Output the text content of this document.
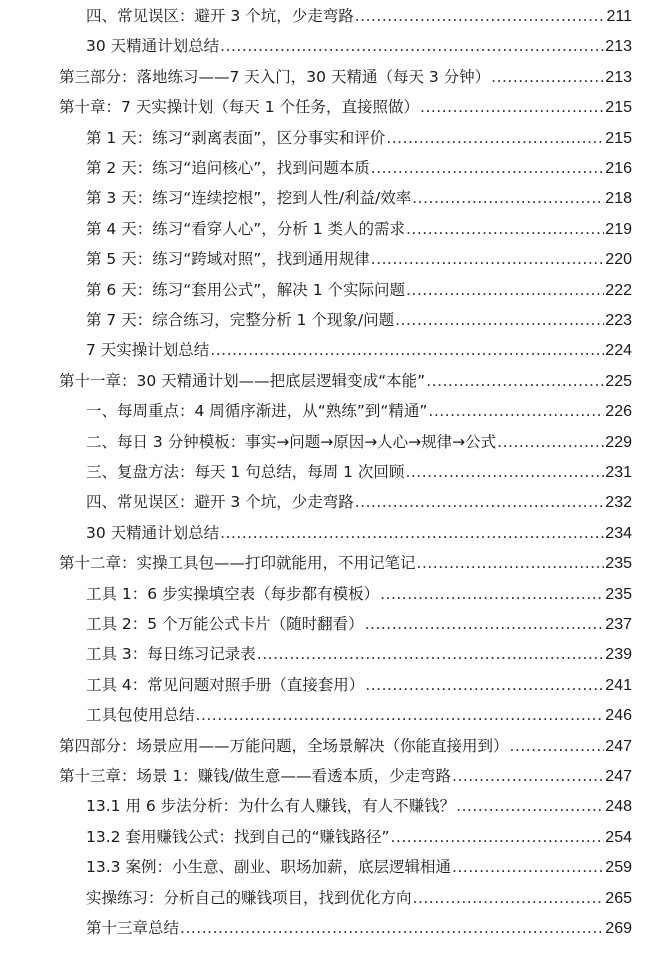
四、常见误区：避开 3 个坑，少走弯路 .....	211
30 天精通计划总结 .....	213
第三部分：落地练习——7 天入门，30 天精通（每天 3 分钟） .....	213
第十章：7 天实操计划（每天 1 个任务，直接照做） .....	215
第 1 天：练习“剥离表面”，区分事实和评价 .....	215
第 2 天：练习“追问核心”，找到问题本质 .....	216
第 3 天：练习“连续挖根”，挖到人性/利益/效率 .....	218
第 4 天：练习“看穿人心”，分析 1 类人的需求 .....	219
第 5 天：练习“跨域对照”，找到通用规律 .....	220
第 6 天：练习“套用公式”，解决 1 个实际问题 .....	222
第 7 天：综合练习，完整分析 1 个现象/问题 .....	223
7 天实操计划总结 .....	224
第十一章：30 天精通计划——把底层逻辑变成“本能” .....	225
一、每周重点：4 周循序渐进，从“熟练”到“精通” .....	226
二、每日 3 分钟模板：事实→问题→原因→人心→规律→公式 .....	229
三、复盘方法：每天 1 句总结，每周 1 次回顾 .....	231
四、常见误区：避开 3 个坑，少走弯路 .....	232
30 天精通计划总结 .....	234
第十二章：实操工具包——打印就能用，不用记笔记 .....	235
工具 1：6 步实操填空表（每步都有模板） .....	235
工具 2：5 个万能公式卡片（随时翻看） .....	237
工具 3：每日练习记录表 .....	239
工具 4：常见问题对照手册（直接套用） .....	241
工具包使用总结 .....	246
第四部分：场景应用——万能问题，全场景解决（你能直接用到） .....	247
第十三章：场景 1：赚钱/做生意——看透本质，少走弯路 .....	247
13.1 用 6 步法分析：为什么有人赚钱，有人不赚钱？ .....	248
13.2 套用赚钱公式：找到自己的“赚钱路径” .....	254
13.3 案例：小生意、副业、职场加薪，底层逻辑相通 .....	259
实操练习：分析自己的赚钱项目，找到优化方向 .....	265
第十三章总结 .....	269
